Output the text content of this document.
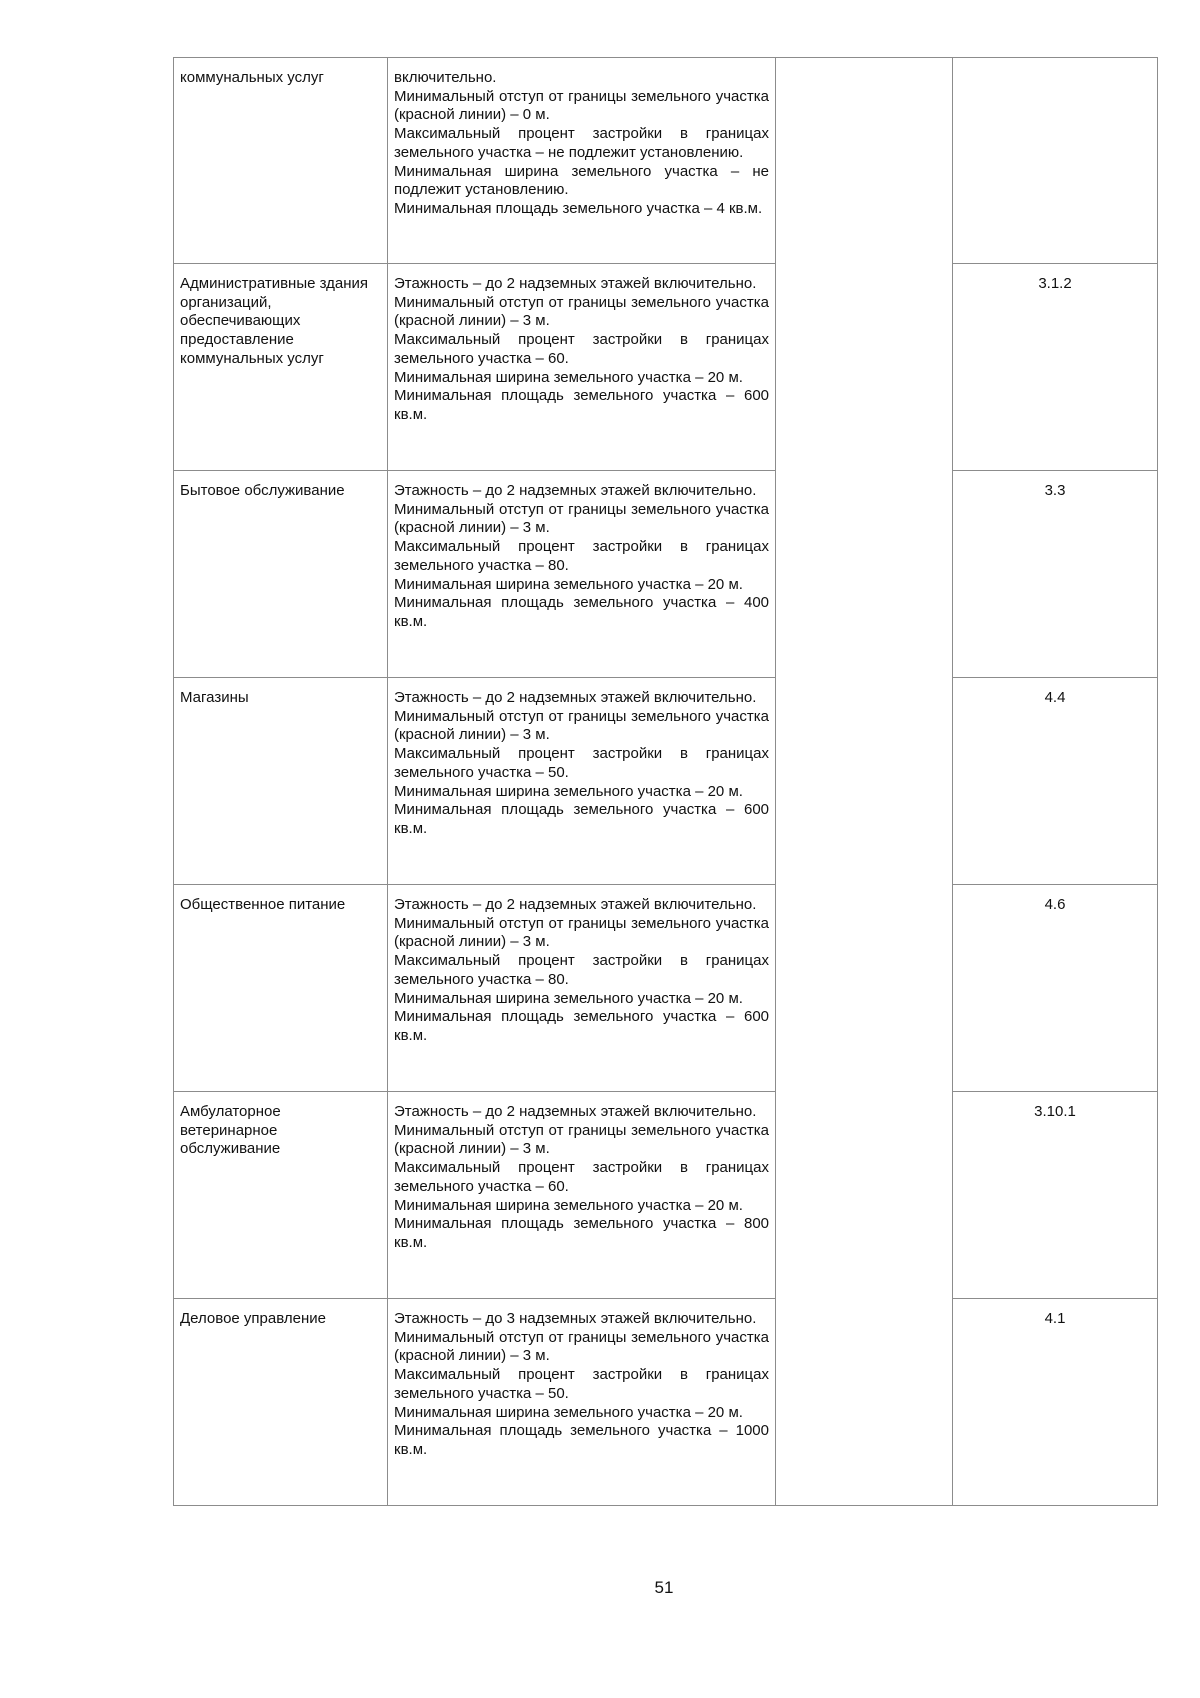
коммунальных услуг	включительно.

Минимальный отступ от границы земельного участка (красной линии) – 0 м.

Максимальный процент застройки в границах земельного участка – не подлежит установлению.

Минимальная ширина земельного участка – не подлежит установлению.

Минимальная площадь земельного участка – 4 кв.м.		

Административные здания организаций, обеспечивающих предоставление коммунальных услуг	Этажность – до 2 надземных этажей включительно.

Минимальный отступ от границы земельного участка (красной линии) – 3 м.

Максимальный процент застройки в границах земельного участка – 60.

Минимальная ширина земельного участка – 20 м.

Минимальная площадь земельного участка – 600 кв.м.		3.1.2
Бытовое обслуживание	Этажность – до 2 надземных этажей включительно.

Минимальный отступ от границы земельного участка (красной линии) – 3 м.

Максимальный процент застройки в границах земельного участка – 80.

Минимальная ширина земельного участка – 20 м.

Минимальная площадь земельного участка – 400 кв.м.		3.3
Магазины	Этажность – до 2 надземных этажей включительно.

Минимальный отступ от границы земельного участка (красной линии) – 3 м.

Максимальный процент застройки в границах земельного участка – 50.

Минимальная ширина земельного участка – 20 м.

Минимальная площадь земельного участка – 600 кв.м.		4.4
Общественное питание	Этажность – до 2 надземных этажей включительно.

Минимальный отступ от границы земельного участка (красной линии) – 3 м.

Максимальный процент застройки в границах земельного участка – 80.

Минимальная ширина земельного участка – 20 м.

Минимальная площадь земельного участка – 600 кв.м.		4.6
Амбулаторное ветеринарное обслуживание	Этажность – до 2 надземных этажей включительно.

Минимальный отступ от границы земельного участка (красной линии) – 3 м.

Максимальный процент застройки в границах земельного участка – 60.

Минимальная ширина земельного участка – 20 м.

Минимальная площадь земельного участка – 800 кв.м.		3.10.1
Деловое управление	Этажность – до 3 надземных этажей включительно.

Минимальный отступ от границы земельного участка (красной линии) – 3 м.

Максимальный процент застройки в границах земельного участка – 50.

Минимальная ширина земельного участка – 20 м.

Минимальная площадь земельного участка – 1000 кв.м.		4.1
51
